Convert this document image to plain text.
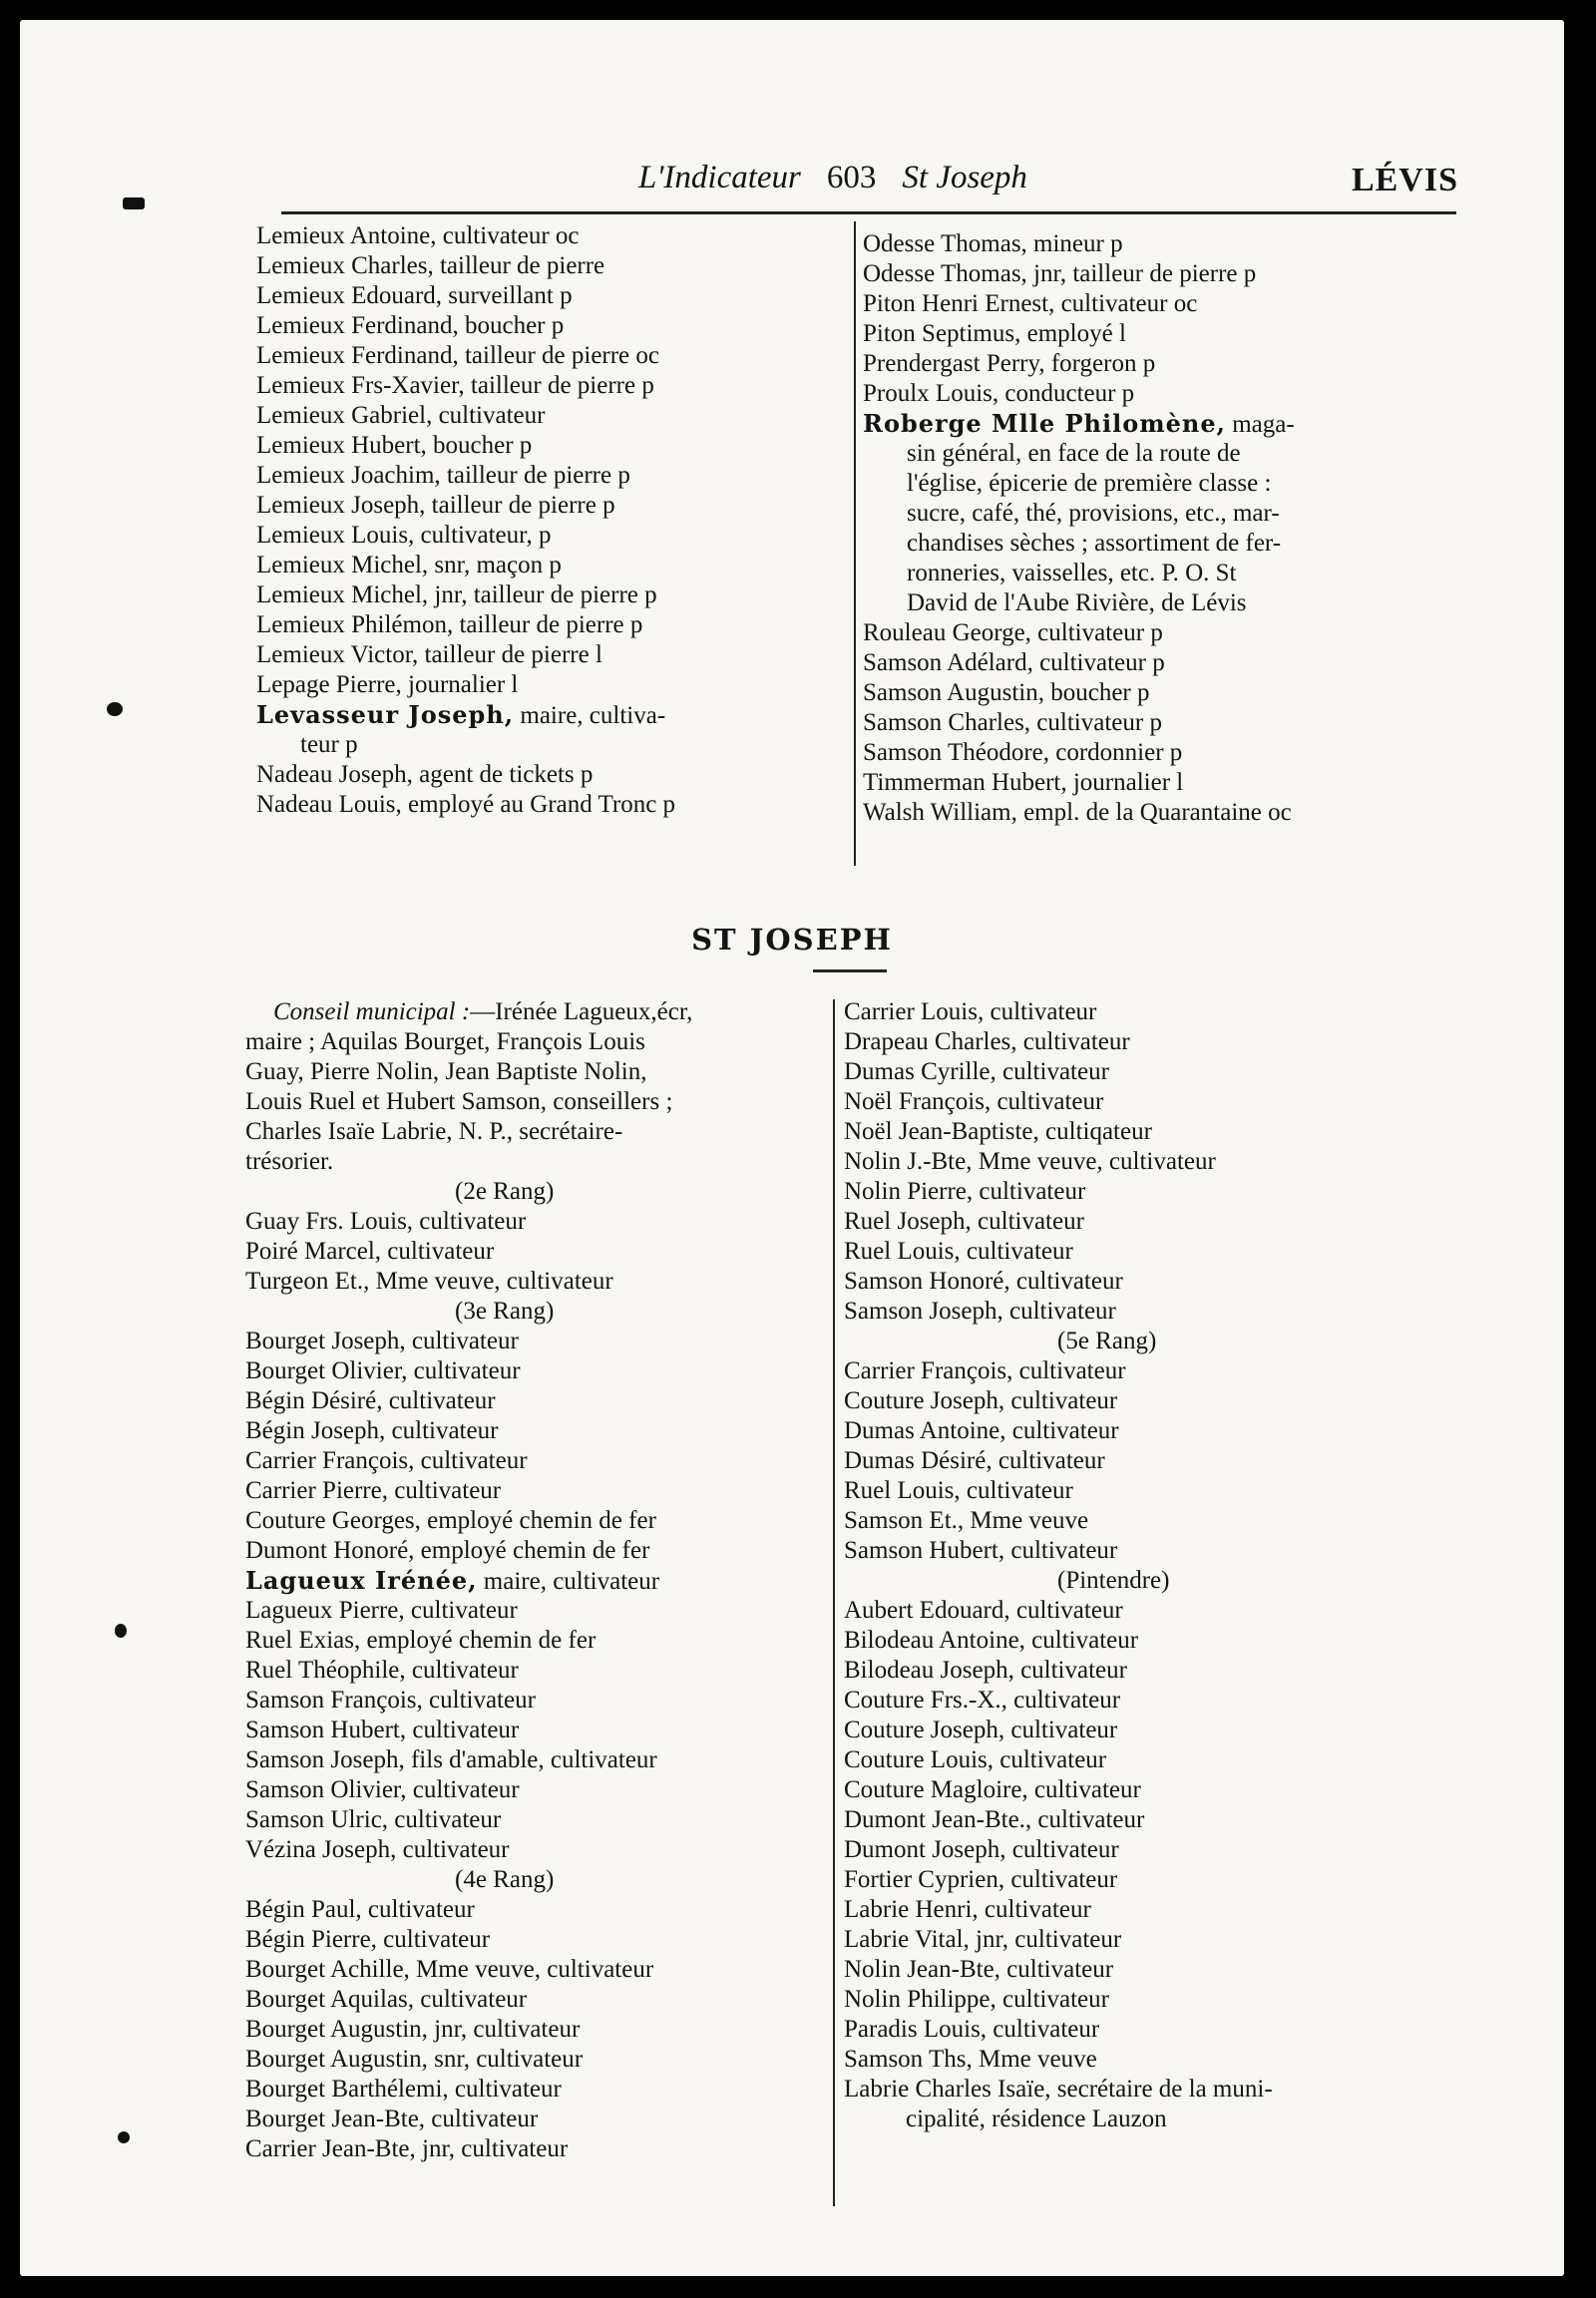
L'Indicateur 603 St Joseph	LÉVIS
Lemieux Antoine, cultivateur oc
Lemieux Charles, tailleur de pierre
Lemieux Edouard, surveillant p
Lemieux Ferdinand, boucher p
Lemieux Ferdinand, tailleur de pierre oc
Lemieux Frs-Xavier, tailleur de pierre p
Lemieux Gabriel, cultivateur
Lemieux Hubert, boucher p
Lemieux Joachim, tailleur de pierre p
Lemieux Joseph, tailleur de pierre p
Lemieux Louis, cultivateur, p
Lemieux Michel, snr, maçon p
Lemieux Michel, jnr, tailleur de pierre p
Lemieux Philémon, tailleur de pierre p
Lemieux Victor, tailleur de pierre l
Lepage Pierre, journalier l
Levasseur Joseph, maire, cultiva-
teur p
Nadeau Joseph, agent de tickets p
Nadeau Louis, employé au Grand Tronc p
Odesse Thomas, mineur p
Odesse Thomas, jnr, tailleur de pierre p
Piton Henri Ernest, cultivateur oc
Piton Septimus, employé l
Prendergast Perry, forgeron p
Proulx Louis, conducteur p
Roberge Mlle Philomène, maga-
sin général, en face de la route de
l'église, épicerie de première classe :
sucre, café, thé, provisions, etc., mar-
chandises sèches ; assortiment de fer-
ronneries, vaisselles, etc. P. O. St
David de l'Aube Rivière, de Lévis
Rouleau George, cultivateur p
Samson Adélard, cultivateur p
Samson Augustin, boucher p
Samson Charles, cultivateur p
Samson Théodore, cordonnier p
Timmerman Hubert, journalier l
Walsh William, empl. de la Quarantaine oc
ST JOSEPH
Conseil municipal :—Irénée Lagueux,écr,
maire ; Aquilas Bourget, François Louis
Guay, Pierre Nolin, Jean Baptiste Nolin,
Louis Ruel et Hubert Samson, conseillers ;
Charles Isaïe Labrie, N. P., secrétaire-
trésorier.
(2e Rang)
Guay Frs. Louis, cultivateur
Poiré Marcel, cultivateur
Turgeon Et., Mme veuve, cultivateur
(3e Rang)
Bourget Joseph, cultivateur
Bourget Olivier, cultivateur
Bégin Désiré, cultivateur
Bégin Joseph, cultivateur
Carrier François, cultivateur
Carrier Pierre, cultivateur
Couture Georges, employé chemin de fer
Dumont Honoré, employé chemin de fer
Lagueux Irénée, maire, cultivateur
Lagueux Pierre, cultivateur
Ruel Exias, employé chemin de fer
Ruel Théophile, cultivateur
Samson François, cultivateur
Samson Hubert, cultivateur
Samson Joseph, fils d'amable, cultivateur
Samson Olivier, cultivateur
Samson Ulric, cultivateur
Vézina Joseph, cultivateur
(4e Rang)
Bégin Paul, cultivateur
Bégin Pierre, cultivateur
Bourget Achille, Mme veuve, cultivateur
Bourget Aquilas, cultivateur
Bourget Augustin, jnr, cultivateur
Bourget Augustin, snr, cultivateur
Bourget Barthélemi, cultivateur
Bourget Jean-Bte, cultivateur
Carrier Jean-Bte, jnr, cultivateur
Carrier Louis, cultivateur
Drapeau Charles, cultivateur
Dumas Cyrille, cultivateur
Noël François, cultivateur
Noël Jean-Baptiste, cultiqateur
Nolin J.-Bte, Mme veuve, cultivateur
Nolin Pierre, cultivateur
Ruel Joseph, cultivateur
Ruel Louis, cultivateur
Samson Honoré, cultivateur
Samson Joseph, cultivateur
(5e Rang)
Carrier François, cultivateur
Couture Joseph, cultivateur
Dumas Antoine, cultivateur
Dumas Désiré, cultivateur
Ruel Louis, cultivateur
Samson Et., Mme veuve
Samson Hubert, cultivateur
(Pintendre)
Aubert Edouard, cultivateur
Bilodeau Antoine, cultivateur
Bilodeau Joseph, cultivateur
Couture Frs.-X., cultivateur
Couture Joseph, cultivateur
Couture Louis, cultivateur
Couture Magloire, cultivateur
Dumont Jean-Bte., cultivateur
Dumont Joseph, cultivateur
Fortier Cyprien, cultivateur
Labrie Henri, cultivateur
Labrie Vital, jnr, cultivateur
Nolin Jean-Bte, cultivateur
Nolin Philippe, cultivateur
Paradis Louis, cultivateur
Samson Ths, Mme veuve
Labrie Charles Isaïe, secrétaire de la muni-
cipalité, résidence Lauzon
